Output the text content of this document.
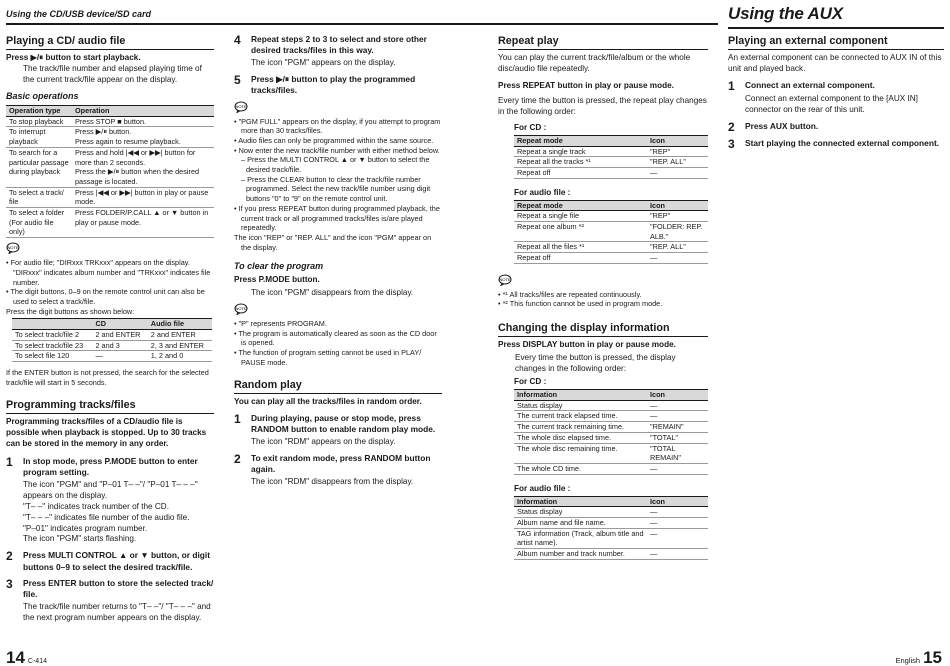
Using the CD/USB device/SD card	Using the AUX
Playing a CD/ audio file
Press ▶/⏸ button to start playback.
The track/file number and elapsed playing time of the current track/file appear on the display.
Basic operations
Operation type	Operation
To stop playback	Press STOP ■ button.
To interrupt playback	Press ▶/⏸ button.
Press again to resume playback.
To search for a particular passage during playback	Press and hold |◀◀ or ▶▶| button for more than 2 seconds.
Press the ▶/⏸ button when the desired passage is located.
To select a track/ file	Press |◀◀ or ▶▶| button in play or pause mode.
To select a folder (For audio file only)	Press FOLDER/P.CALL ▲ or ▼ button in play or pause mode.
NOTE
• For audio file; "DIRxxx TRKxxx" appears on the display. "DIRxxx" indicates album number and "TRKxxx" indicates file number.
• The digit buttons, 0–9 on the remote control unit can also be used to select a track/file.
Press the digit buttons as shown below:
	CD	Audio file
To select track/file 2	2 and ENTER	2 and ENTER
To select track/file 23	2 and 3	2, 3 and ENTER
To select file 120	—	1, 2 and 0
If the ENTER button is not pressed, the search for the selected track/file will start in 5 seconds.
Programming tracks/files
Programming tracks/files of a CD/audio file is possible when playback is stopped. Up to 30 tracks can be stored in the memory in any order.
1	In stop mode, press P.MODE button to enter program setting.
The icon "PGM" and "P–01 T– –"/ "P–01 T– – –" appears on the display.
"T– –" indicates track number of the CD.
"T– – –" indicates file number of the audio file.
"P–01" indicates program number.
The icon "PGM" starts flashing.
2	Press MULTI CONTROL ▲ or ▼ button, or digit buttons 0–9 to select the desired track/file.
3	Press ENTER button to store the selected track/ file.
The track/file number returns to "T– –"/ "T– – –" and the next program number appears on the display.
4	Repeat steps 2 to 3 to select and store other desired tracks/files in this way.
The icon "PGM" appears on the display.
5	Press ▶/⏸ button to play the programmed tracks/files.
NOTE
• "PGM FULL" appears on the display, if you attempt to program more than 30 tracks/files.
• Audio files can only be programmed within the same source.
• Now enter the new track/file number with either method below.
– Press the MULTI CONTROL ▲ or ▼ button to select the desired track/file.
– Press the CLEAR button to clear the track/file number programmed. Select the new track/file number using digit buttons "0" to "9" on the remote control unit.
• If you press REPEAT button during programmed playback, the current track or all programmed tracks/files is/are played repeatedly.
The icon "REP" or "REP. ALL" and the icon "PGM" appear on the display.
To clear the program
Press P.MODE button.
The icon "PGM" disappears from the display.
NOTE
• "P" represents PROGRAM.
• The program is automatically cleared as soon as the CD door is opened.
• The function of program setting cannot be used in PLAY/ PAUSE mode.
Random play
You can play all the tracks/files in random order.
1	During playing, pause or stop mode, press RANDOM button to enable random play mode.
The icon "RDM" appears on the display.
2	To exit random mode, press RANDOM button again.
The icon "RDM" disappears from the display.
Repeat play
You can play the current track/file/album or the whole disc/audio file repeatedly.
Press REPEAT button in play or pause mode.
Every time the button is pressed, the repeat play changes in the following order:
For CD :
Repeat mode	Icon
Repeat a single track	"REP"
Repeat all the tracks *¹	"REP. ALL"
Repeat off	—
For audio file :
Repeat mode	Icon
Repeat a single file	"REP"
Repeat one album *²	"FOLDER: REP. ALB."
Repeat all the files *¹	"REP. ALL"
Repeat off	—
NOTE
• *¹ All tracks/files are repeated continuously.
• *² This function cannot be used in program mode.
Changing the display information
Press DISPLAY button in play or pause mode.
Every time the button is pressed, the display changes in the following order:
For CD :
Information	Icon
Status display	—
The current track elapsed time.	—
The current track remaining time.	"REMAIN"
The whole disc elapsed time.	"TOTAL"
The whole disc remaining time.	"TOTAL REMAIN"
The whole CD time.	—
For audio file :
Information	Icon
Status display	—
Album name and file name.	—
TAG information (Track, album title and artist name).	—
Album number and track number.	—
Playing an external component
An external component can be connected to AUX IN of this unit and played back.
1	Connect an external component.
Connect an external component to the [AUX IN] connector on the rear of this unit.
2	Press AUX button.
3	Start playing the connected external component.
14 C-414	English 15
